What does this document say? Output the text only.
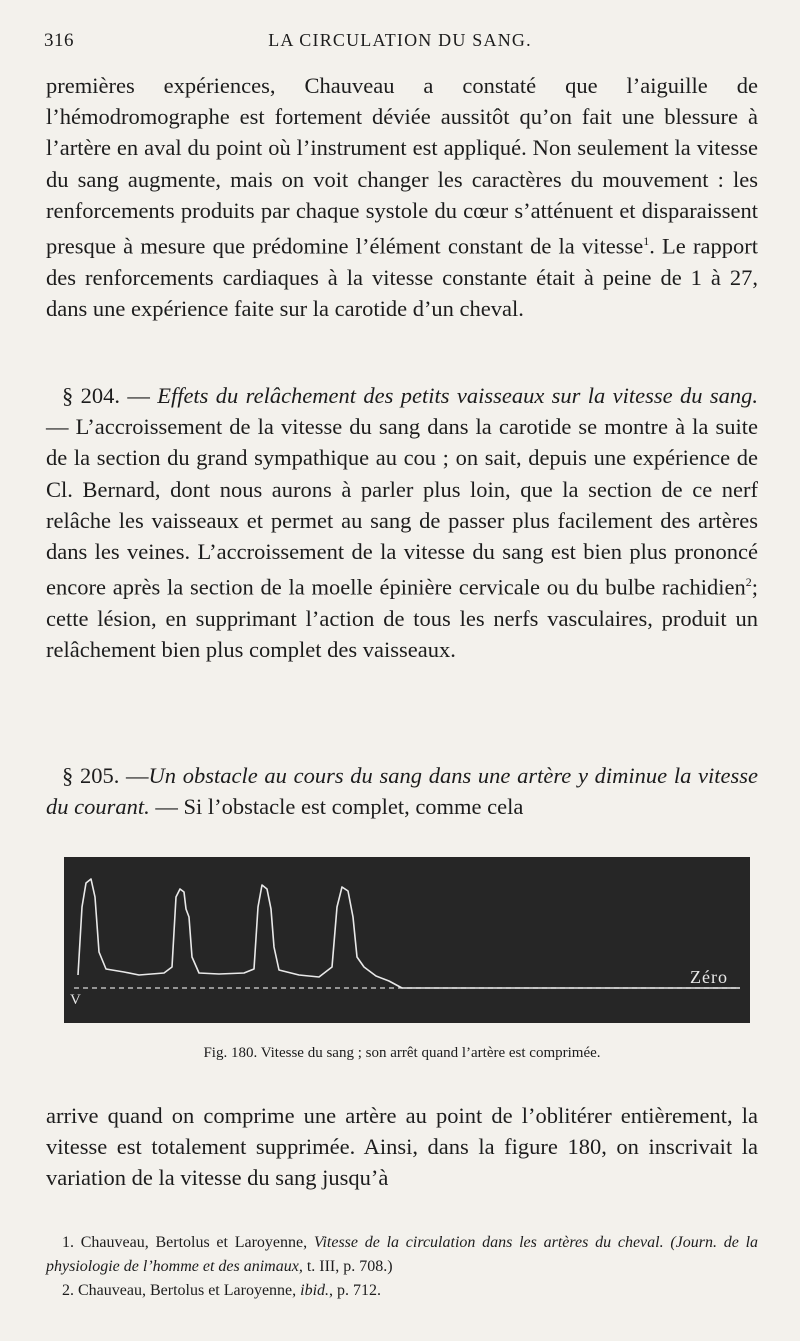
316	LA CIRCULATION DU SANG.

premières expériences, Chauveau a constaté que l’aiguille de l’hémodromographe est fortement déviée aussitôt qu’on fait une blessure à l’artère en aval du point où l’instrument est appliqué. Non seulement la vitesse du sang augmente, mais on voit changer les caractères du mouvement : les renforcements produits par chaque systole du cœur s’atténuent et disparaissent presque à mesure que prédomine l’élément constant de la vitesse$^1$. Le rapport des renforcements cardiaques à la vitesse constante était à peine de 1 à 27, dans une expérience faite sur la carotide d’un cheval.

§ 204. — Effets du relâchement des petits vaisseaux sur la vitesse du sang. — L’accroissement de la vitesse du sang dans la carotide se montre à la suite de la section du grand sympathique au cou ; on sait, depuis une expérience de Cl. Bernard, dont nous aurons à parler plus loin, que la section de ce nerf relâche les vaisseaux et permet au sang de passer plus facilement des artères dans les veines. L’accroissement de la vitesse du sang est bien plus prononcé encore après la section de la moelle épinière cervicale ou du bulbe rachidien$^2$; cette lésion, en supprimant l’action de tous les nerfs vasculaires, produit un relâchement bien plus complet des vaisseaux.

§ 205. —Un obstacle au cours du sang dans une artère y diminue la vitesse du courant. — Si l’obstacle est complet, comme cela

V
Zéro
Fig. 180. Vitesse du sang ; son arrêt quand l’artère est comprimée.

arrive quand on comprime une artère au point de l’oblitérer entièrement, la vitesse est totalement supprimée. Ainsi, dans la figure 180, on inscrivait la variation de la vitesse du sang jusqu’à

1. Chauveau, Bertolus et Laroyenne, Vitesse de la circulation dans les artères du cheval. (Journ. de la physiologie de l’homme et des animaux, t. III, p. 708.)

2. Chauveau, Bertolus et Laroyenne, ibid., p. 712.
